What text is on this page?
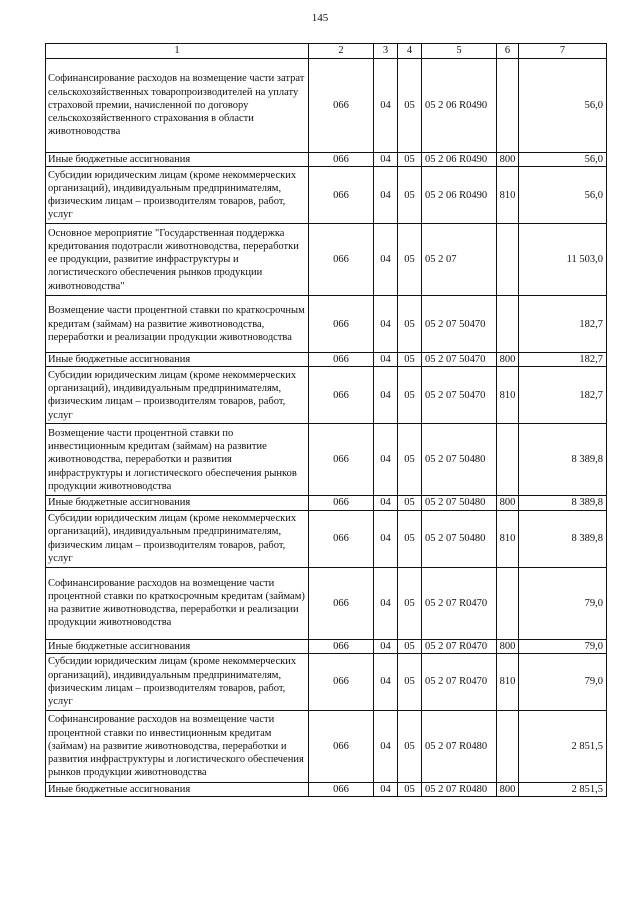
145
1	2	3	4	5	6	7
Софинансирование расходов на возмещение части затрат сельскохозяйственных товаропроизводителей на уплату страховой премии, начисленной по договору сельскохозяйственного страхования в области животноводства	066	04	05	05 2 06 R0490		56,0
Иные бюджетные ассигнования	066	04	05	05 2 06 R0490	800	56,0
Субсидии юридическим лицам (кроме некоммерческих организаций), индивидуальным предпринимателям, физическим лицам – производителям товаров, работ, услуг	066	04	05	05 2 06 R0490	810	56,0
Основное мероприятие "Государственная поддержка кредитования подотрасли животноводства, переработки ее продукции, развитие инфраструктуры и логистического обеспечения рынков продукции животноводства"	066	04	05	05 2 07		11 503,0
Возмещение части процентной ставки по краткосрочным кредитам (займам) на развитие животноводства, переработки и реализации продукции животноводства	066	04	05	05 2 07 50470		182,7
Иные бюджетные ассигнования	066	04	05	05 2 07 50470	800	182,7
Субсидии юридическим лицам (кроме некоммерческих организаций), индивидуальным предпринимателям, физическим лицам – производителям товаров, работ, услуг	066	04	05	05 2 07 50470	810	182,7
Возмещение части процентной ставки по инвестиционным кредитам (займам) на развитие животноводства, переработки и развития инфраструктуры и логистического обеспечения рынков продукции животноводства	066	04	05	05 2 07 50480		8 389,8
Иные бюджетные ассигнования	066	04	05	05 2 07 50480	800	8 389,8
Субсидии юридическим лицам (кроме некоммерческих организаций), индивидуальным предпринимателям, физическим лицам – производителям товаров, работ, услуг	066	04	05	05 2 07 50480	810	8 389,8
Софинансирование расходов на возмещение части процентной ставки по краткосрочным кредитам (займам) на развитие животноводства, переработки и реализации продукции животноводства	066	04	05	05 2 07 R0470		79,0
Иные бюджетные ассигнования	066	04	05	05 2 07 R0470	800	79,0
Субсидии юридическим лицам (кроме некоммерческих организаций), индивидуальным предпринимателям, физическим лицам – производителям товаров, работ, услуг	066	04	05	05 2 07 R0470	810	79,0
Софинансирование расходов на возмещение части процентной ставки по инвестиционным кредитам (займам) на развитие животноводства, переработки и развития инфраструктуры и логистического обеспечения рынков продукции животноводства	066	04	05	05 2 07 R0480		2 851,5
Иные бюджетные ассигнования	066	04	05	05 2 07 R0480	800	2 851,5
